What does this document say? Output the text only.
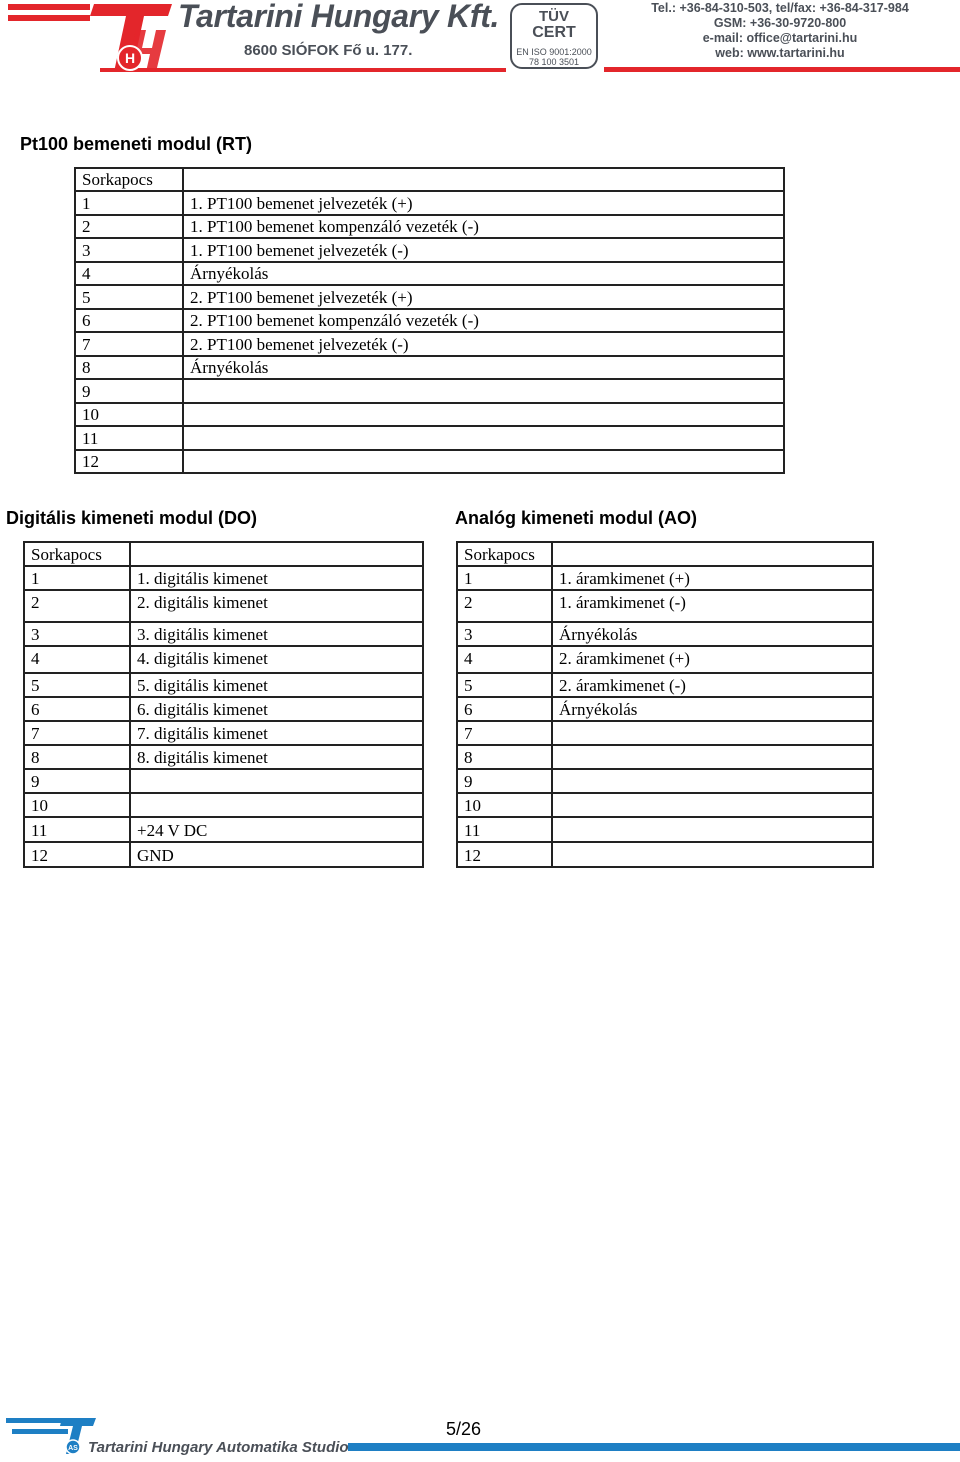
H
Tartarini Hungary Kft.
8600 SIÓFOK Fő u. 177.
TÜV
CERT
EN ISO 9001:2000
78 100 3501
Tel.: +36-84-310-503, tel/fax: +36-84-317-984
GSM: +36-30-9720-800
e-mail: office@tartarini.hu
web: www.tartarini.hu
Pt100 bemeneti modul (RT)
Sorkapocs	
1	1. PT100 bemenet jelvezeték (+)
2	1. PT100 bemenet kompenzáló vezeték (-)
3	1. PT100 bemenet jelvezeték (-)
4	Árnyékolás
5	2. PT100 bemenet jelvezeték (+)
6	2. PT100 bemenet kompenzáló vezeték (-)
7	2. PT100 bemenet jelvezeték (-)
8	Árnyékolás
9	
10	
11	
12	
Digitális kimeneti modul (DO)
Sorkapocs	
1	1. digitális kimenet
2	2. digitális kimenet
3	3. digitális kimenet
4	4. digitális kimenet
5	5. digitális kimenet
6	6. digitális kimenet
7	7. digitális kimenet
8	8. digitális kimenet
9	
10	
11	+24 V DC
12	GND
Analóg kimeneti modul (AO)
Sorkapocs	
1	1. áramkimenet (+)
2	1. áramkimenet (-)
3	Árnyékolás
4	2. áramkimenet (+)
5	2. áramkimenet (-)
6	Árnyékolás
7	
8	
9	
10	
11	
12	
AS Tartarini Hungary Automatika Studio
5/26
